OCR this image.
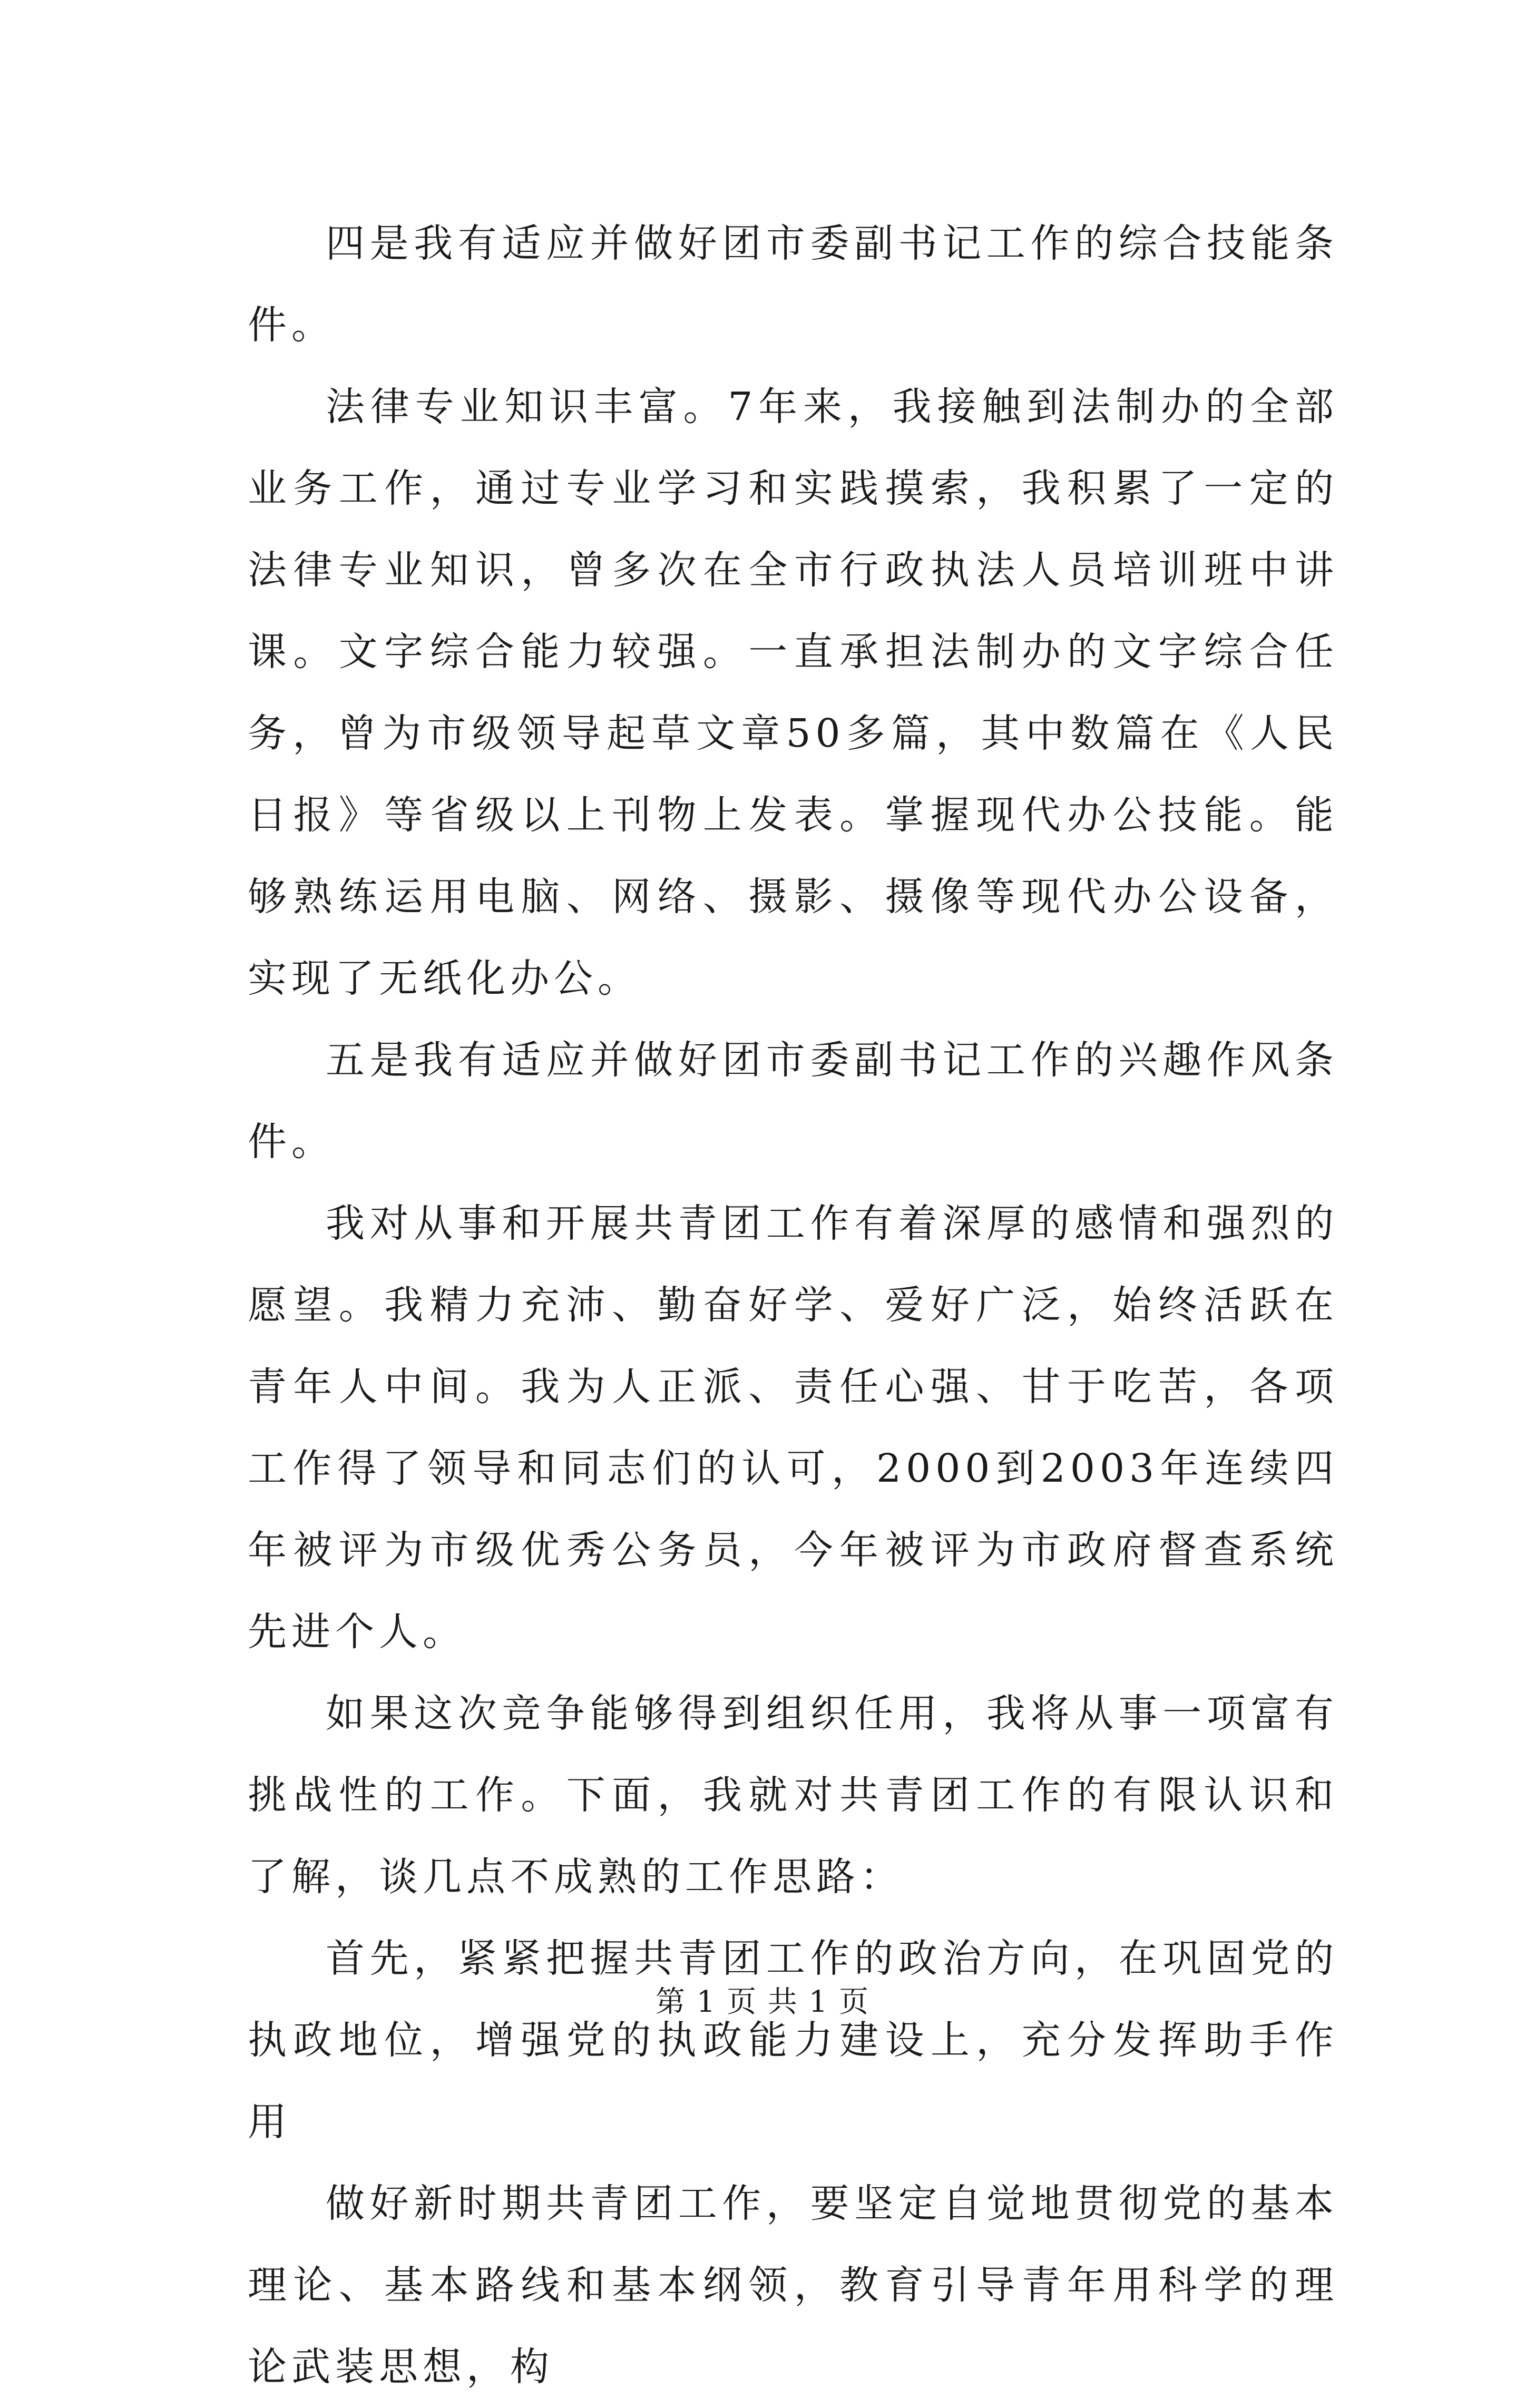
四是我有适应并做好团市委副书记工作的综合技能条件。

法律专业知识丰富。7年来，我接触到法制办的全部业务工作，通过专业学习和实践摸索，我积累了一定的法律专业知识，曾多次在全市行政执法人员培训班中讲课。文字综合能力较强。一直承担法制办的文字综合任务，曾为市级领导起草文章50多篇，其中数篇在《人民日报》等省级以上刊物上发表。掌握现代办公技能。能够熟练运用电脑、网络、摄影、摄像等现代办公设备，实现了无纸化办公。

五是我有适应并做好团市委副书记工作的兴趣作风条件。

我对从事和开展共青团工作有着深厚的感情和强烈的愿望。我精力充沛、勤奋好学、爱好广泛，始终活跃在青年人中间。我为人正派、责任心强、甘于吃苦，各项工作得了领导和同志们的认可，2000到2003年连续四年被评为市级优秀公务员，今年被评为市政府督查系统先进个人。

如果这次竞争能够得到组织任用，我将从事一项富有挑战性的工作。下面，我就对共青团工作的有限认识和了解，谈几点不成熟的工作思路：

首先，紧紧把握共青团工作的政治方向，在巩固党的执政地位，增强党的执政能力建设上，充分发挥助手作用

做好新时期共青团工作，要坚定自觉地贯彻党的基本理论、基本路线和基本纲领，教育引导青年用科学的理论武装思想，构

第 1 页 共 1 页
